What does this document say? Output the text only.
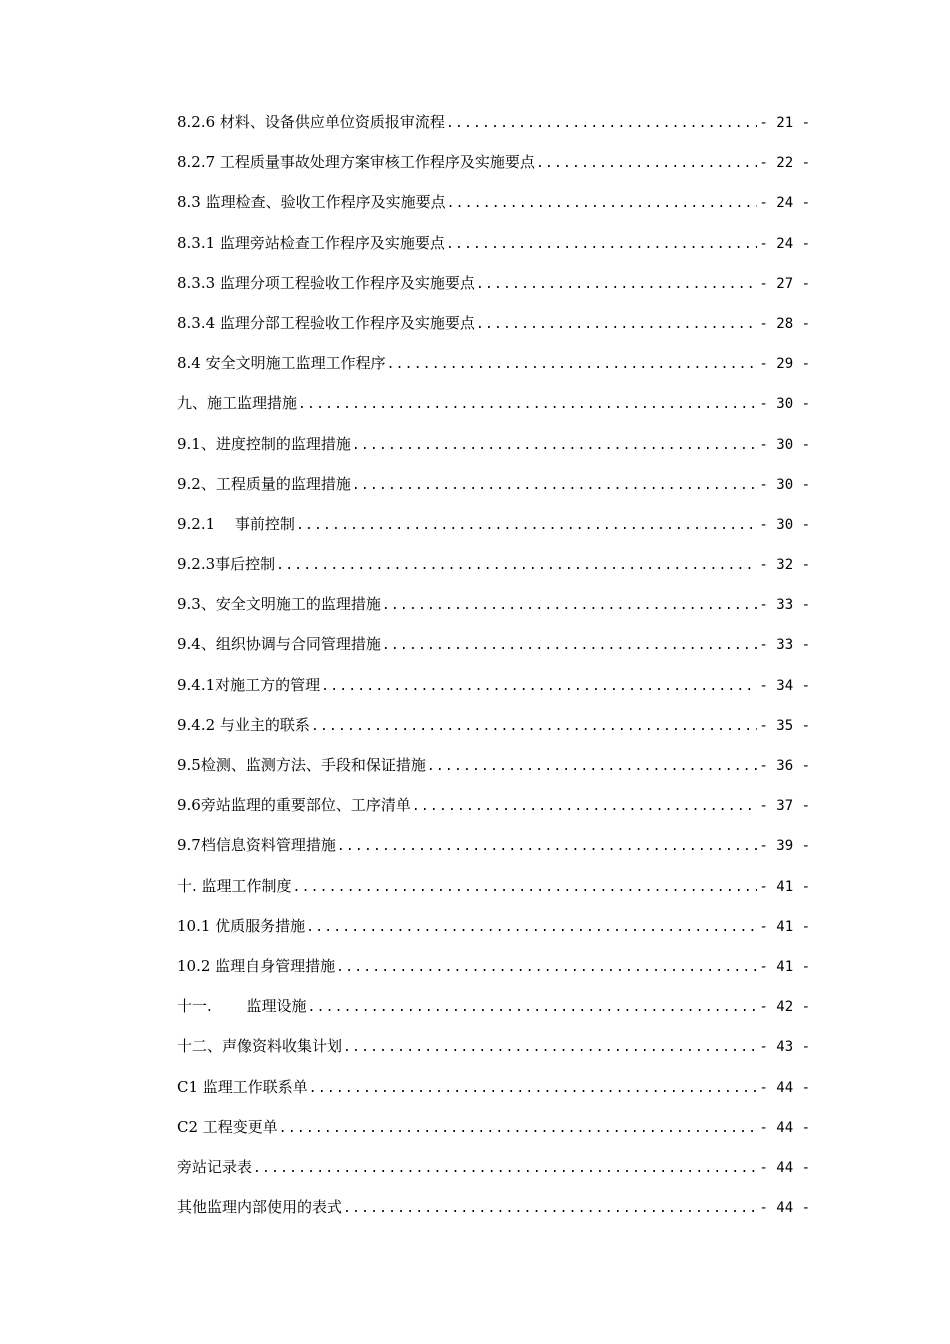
8.2.6 材料、设备供应单位资质报审流程 .....	- 21 -
8.2.7 工程质量事故处理方案审核工作程序及实施要点 .....	- 22 -
8.3 监理检查、验收工作程序及实施要点 .....	- 24 -
8.3.1 监理旁站检查工作程序及实施要点 .....	- 24 -
8.3.3 监理分项工程验收工作程序及实施要点 .....	- 27 -
8.3.4 监理分部工程验收工作程序及实施要点 .....	- 28 -
8.4 安全文明施工监理工作程序 .....	- 29 -
九、施工监理措施 .....	- 30 -
9.1、进度控制的监理措施 .....	- 30 -
9.2、工程质量的监理措施 .....	- 30 -
9.2.1　 事前控制 .....	- 30 -
9.2.3事后控制 .....	- 32 -
9.3、安全文明施工的监理措施 .....	- 33 -
9.4、组织协调与合同管理措施 .....	- 33 -
9.4.1对施工方的管理 .....	- 34 -
9.4.2 与业主的联系 .....	- 35 -
9.5检测、监测方法、手段和保证措施 .....	- 36 -
9.6旁站监理的重要部位、工序清单 .....	- 37 -
9.7档信息资料管理措施 .....	- 39 -
十. 监理工作制度 .....	- 41 -
10.1 优质服务措施 .....	- 41 -
10.2 监理自身管理措施 .....	- 41 -
十一.　　 监理设施 .....	- 42 -
十二、声像资料收集计划 .....	- 43 -
C1 监理工作联系单 .....	- 44 -
C2 工程变更单 .....	- 44 -
旁站记录表 .....	- 44 -
其他监理内部使用的表式 .....	- 44 -
